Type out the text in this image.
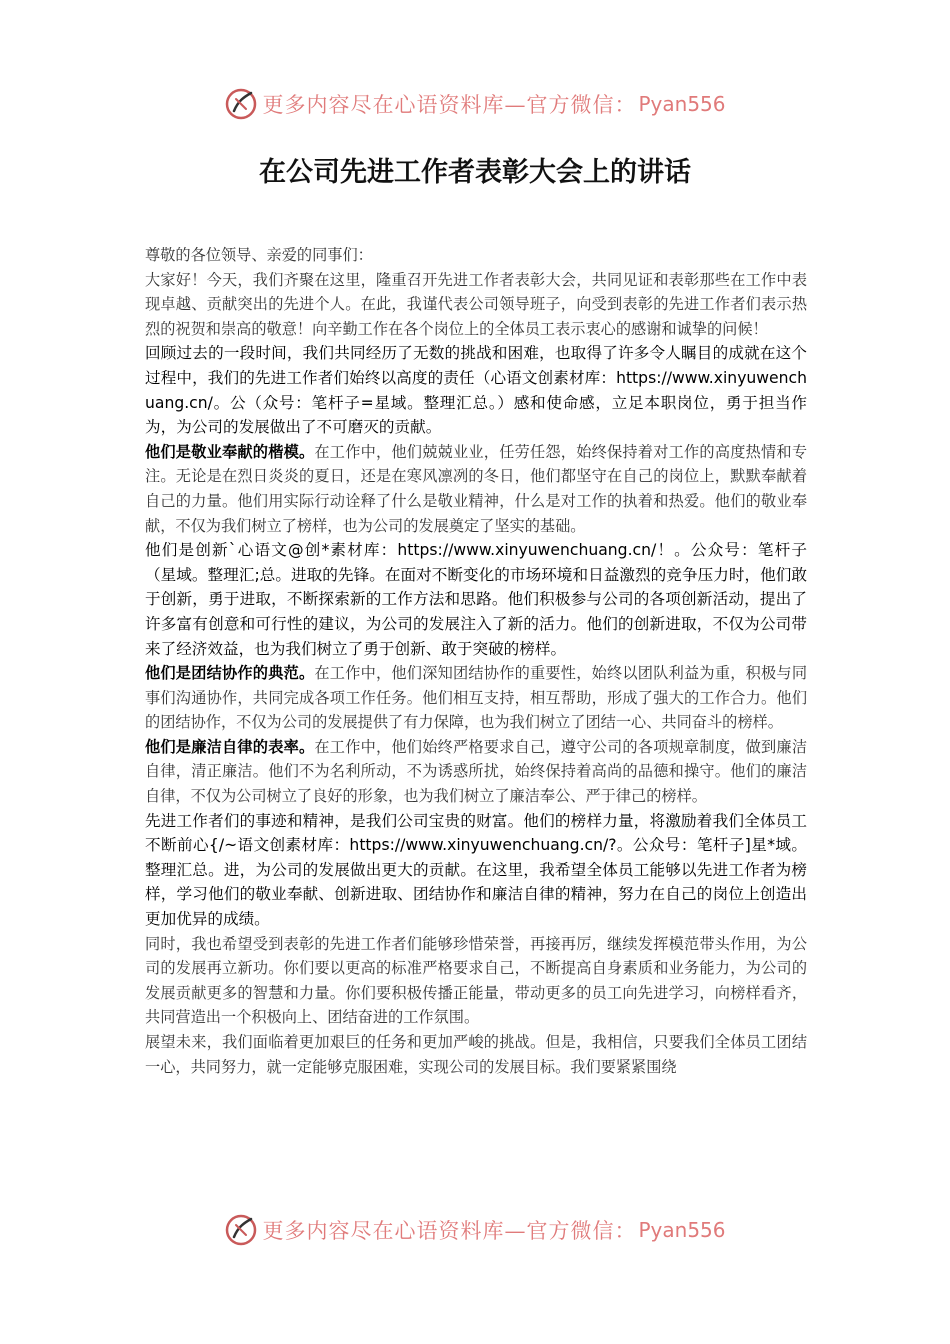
更多内容尽在心语资料库—官方微信： Pyan556
在公司先进工作者表彰大会上的讲话

尊敬的各位领导、亲爱的同事们：

大家好！今天，我们齐聚在这里，隆重召开先进工作者表彰大会，共同见证和表彰那些在工作中表现卓越、贡献突出的先进个人。在此，我谨代表公司领导班子，向受到表彰的先进工作者们表示热烈的祝贺和崇高的敬意！向辛勤工作在各个岗位上的全体员工表示衷心的感谢和诚挚的问候！

回顾过去的一段时间，我们共同经历了无数的挑战和困难，也取得了许多令人瞩目的成就在这个过程中，我们的先进工作者们始终以高度的责任（心语文创素材库：https://www.xinyuwenchuang.cn/。公（众号：笔杆子=星域。整理汇总。）感和使命感，立足本职岗位，勇于担当作为，为公司的发展做出了不可磨灭的贡献。

他们是敬业奉献的楷模。在工作中，他们兢兢业业，任劳任怨，始终保持着对工作的高度热情和专注。无论是在烈日炎炎的夏日，还是在寒风凛冽的冬日，他们都坚守在自己的岗位上，默默奉献着自己的力量。他们用实际行动诠释了什么是敬业精神，什么是对工作的执着和热爱。他们的敬业奉献，不仅为我们树立了榜样，也为公司的发展奠定了坚实的基础。

他们是创新`心语文@创*素材库：https://www.xinyuwenchuang.cn/！。公众号：笔杆子（星域。整理汇;总。进取的先锋。在面对不断变化的市场环境和日益激烈的竞争压力时，他们敢于创新，勇于进取，不断探索新的工作方法和思路。他们积极参与公司的各项创新活动，提出了许多富有创意和可行性的建议，为公司的发展注入了新的活力。他们的创新进取，不仅为公司带来了经济效益，也为我们树立了勇于创新、敢于突破的榜样。

他们是团结协作的典范。在工作中，他们深知团结协作的重要性，始终以团队利益为重，积极与同事们沟通协作，共同完成各项工作任务。他们相互支持，相互帮助，形成了强大的工作合力。他们的团结协作，不仅为公司的发展提供了有力保障，也为我们树立了团结一心、共同奋斗的榜样。

他们是廉洁自律的表率。在工作中，他们始终严格要求自己，遵守公司的各项规章制度，做到廉洁自律，清正廉洁。他们不为名利所动，不为诱惑所扰，始终保持着高尚的品德和操守。他们的廉洁自律，不仅为公司树立了良好的形象，也为我们树立了廉洁奉公、严于律己的榜样。

先进工作者们的事迹和精神，是我们公司宝贵的财富。他们的榜样力量，将激励着我们全体员工不断前心{/~语文创素材库：https://www.xinyuwenchuang.cn/?。公众号：笔杆子]星*域。整理汇总。进，为公司的发展做出更大的贡献。在这里，我希望全体员工能够以先进工作者为榜样，学习他们的敬业奉献、创新进取、团结协作和廉洁自律的精神，努力在自己的岗位上创造出更加优异的成绩。

同时，我也希望受到表彰的先进工作者们能够珍惜荣誉，再接再厉，继续发挥模范带头作用，为公司的发展再立新功。你们要以更高的标准严格要求自己，不断提高自身素质和业务能力，为公司的发展贡献更多的智慧和力量。你们要积极传播正能量，带动更多的员工向先进学习，向榜样看齐，共同营造出一个积极向上、团结奋进的工作氛围。

展望未来，我们面临着更加艰巨的任务和更加严峻的挑战。但是，我相信，只要我们全体员工团结一心，共同努力，就一定能够克服困难，实现公司的发展目标。我们要紧紧围绕

更多内容尽在心语资料库—官方微信： Pyan556
